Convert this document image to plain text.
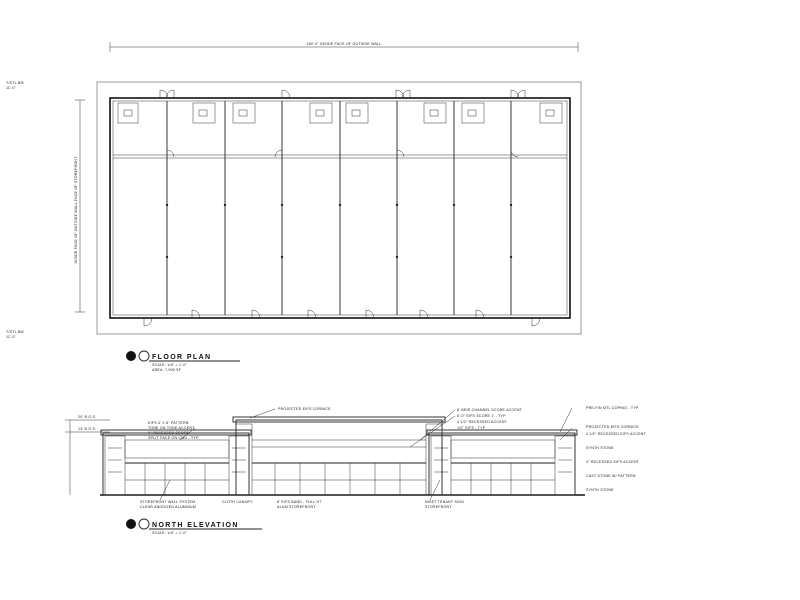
160'-0" INSIDE FACE OF OUTSIDE WALL
INSIDE FACE OF OUTSIDE WALL FACE OF STOREFRONT
T/STL BM
11'-0"
T/STL BM
11'-0"
FLOOR PLAN
SCALE: 1/8" = 1'-0"
AREA: 7,900 SF
20' B.O.S.
14' B.O.S.
PROJECTED EIFS CORNICE	8' BEIR CHANNEL SCORE ACCENT
6'-0" EIFS SCORE 1' - TYP
4 1/2" RECESSED ACCENT
1/2" EIFS - TYP
EIFS 4' X 8" PATTERN
TONE ON TONE ACCENT
1" RECESSED SCORE
SPLIT FACE ON CMU - TYP
PRE-FIN MTL COPING - TYP
PROJECTED EIFS CORNICE
4 1/2" RECESSED EIFS ACCENT
SYNTH STONE
4" RECESSED EIFS ACCENT
CAST STONE W/ PATTERN
SYNTH STONE
STOREFRONT WALL SYSTEM
CLEAR ANODIZED ALUMINUM
CLOTH CANOPY	8' EIFS BAND - FULL HT
ALUM STOREFRONT
INSET TENANT SIGN
STOREFRONT
NORTH ELEVATION
SCALE: 1/8" = 1'-0"
